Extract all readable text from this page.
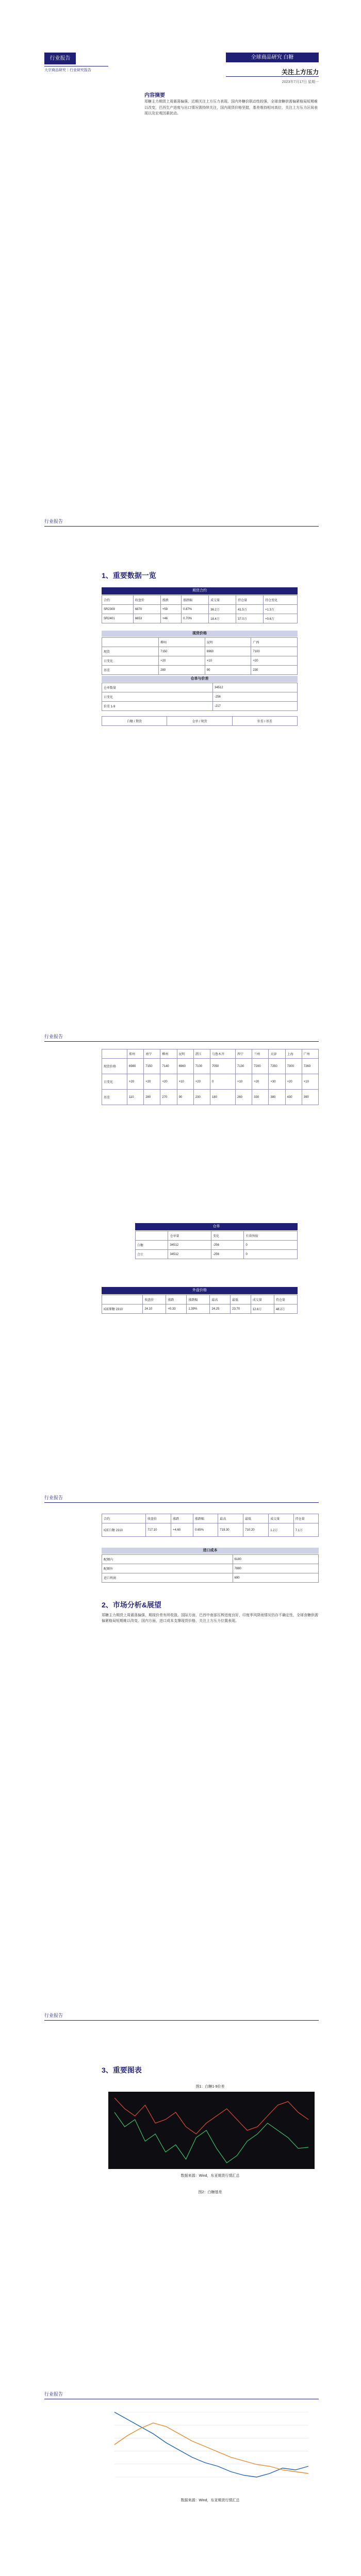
行业报告
大宗商品研究｜行业研究报告
全球商品研究 白糖
关注上方压力
2023年7月17日 星期一
内容摘要
郑糖主力期货上周震荡偏强，近期关注上方压力表现。国内外糖价联动性较强，全球食糖供需偏紧格局短期难以改变，巴西生产进度与出口情况需持续关注，国内现货价格坚挺，基差维持相对高位，关注上方压力区间表现以及宏观因素扰动。
行业报告
1、重要数据一览
期货合约
合约	收盘价	涨跌	涨跌幅	成交量	持仓量	持仓变化
SR2309	6870	+59	0.87%	36.2万	41.5万	+1.3万
SR2401	6653	+46	0.70%	18.4万	37.0万	+0.6万
现货价格
	柳州	昆明	广西
现货	7150	6960	7100
日变化	+20	+10	+20
基差	280	90	230
仓单与价差
仓单数量	34512
日变化	-256
价差 1-9	-217
白糖 / 期货	仓单 / 现货	价差 / 基差
行业报告
	郑州	南宁	柳州	昆明	湛江	乌鲁木齐	西宁	兰州	天津	上海	广州
现货价格	6980	7150	7140	6960	7100	7050	7130	7200	7250	7300	7260
日变化	+20	+20	+20	+10	+20	0	+10	+20	+30	+20	+10
基差	110	280	270	90	230	180	260	330	380	430	390
仓单
	仓单量	变化	有效预报
白糖	34512	-256	0
合计	34512	-256	0
外盘价格
	收盘价	涨跌	涨跌幅	最高	最低	成交量	持仓量
ICE原糖 2310	24.10	+0.33	1.39%	24.25	23.70	12.6万	48.2万
行业报告
合约	收盘价	涨跌	涨跌幅	最高	最低	成交量	持仓量
ICE白糖 2310	717.10	+4.60	0.65%	719.30	710.20	1.2万	7.1万
进口成本
配额内	6180
配额外	7880
进口利润	690
2、市场分析&展望
郑糖主力期货上周震荡偏强，期现价差有所收敛。国际方面，巴西中南部压榨进度良好，印度季风降雨情况仍存不确定性，全球食糖供需偏紧格局短期难以改变。国内方面，进口成本支撑现货价格，关注上方压力位置表现。
行业报告
3、重要图表
图1：白糖1-9价差
数据来源：Wind，东亚期货行情汇总
图2：白糖基差
行业报告
数据来源：Wind，东亚期货行情汇总
